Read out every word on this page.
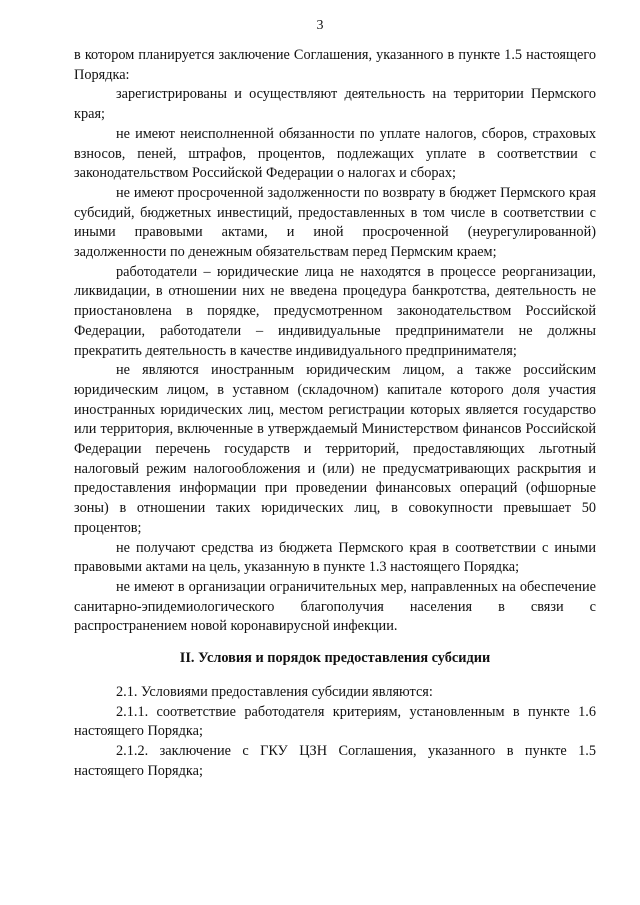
3

в котором планируется заключение Соглашения, указанного в пункте 1.5 настоящего Порядка:

зарегистрированы и осуществляют деятельность на территории Пермского края;

не имеют неисполненной обязанности по уплате налогов, сборов, страховых взносов, пеней, штрафов, процентов, подлежащих уплате в соответствии с законодательством Российской Федерации о налогах и сборах;

не имеют просроченной задолженности по возврату в бюджет Пермского края субсидий, бюджетных инвестиций, предоставленных в том числе в соответствии с иными правовыми актами, и иной просроченной (неурегулированной) задолженности по денежным обязательствам перед Пермским краем;

работодатели – юридические лица не находятся в процессе реорганизации, ликвидации, в отношении них не введена процедура банкротства, деятельность не приостановлена в порядке, предусмотренном законодательством Российской Федерации, работодатели – индивидуальные предприниматели не должны прекратить деятельность в качестве индивидуального предпринимателя;

не являются иностранным юридическим лицом, а также российским юридическим лицом, в уставном (складочном) капитале которого доля участия иностранных юридических лиц, местом регистрации которых является государство или территория, включенные в утверждаемый Министерством финансов Российской Федерации перечень государств и территорий, предоставляющих льготный налоговый режим налогообложения и (или) не предусматривающих раскрытия и предоставления информации при проведении финансовых операций (офшорные зоны) в отношении таких юридических лиц, в совокупности превышает 50 процентов;

не получают средства из бюджета Пермского края в соответствии с иными правовыми актами на цель, указанную в пункте 1.3 настоящего Порядка;

не имеют в организации ограничительных мер, направленных на обеспечение санитарно-эпидемиологического благополучия населения в связи с распространением новой коронавирусной инфекции.

II. Условия и порядок предоставления субсидии

2.1. Условиями предоставления субсидии являются:

2.1.1. соответствие работодателя критериям, установленным в пункте 1.6 настоящего Порядка;

2.1.2. заключение с ГКУ ЦЗН Соглашения, указанного в пункте 1.5 настоящего Порядка;
